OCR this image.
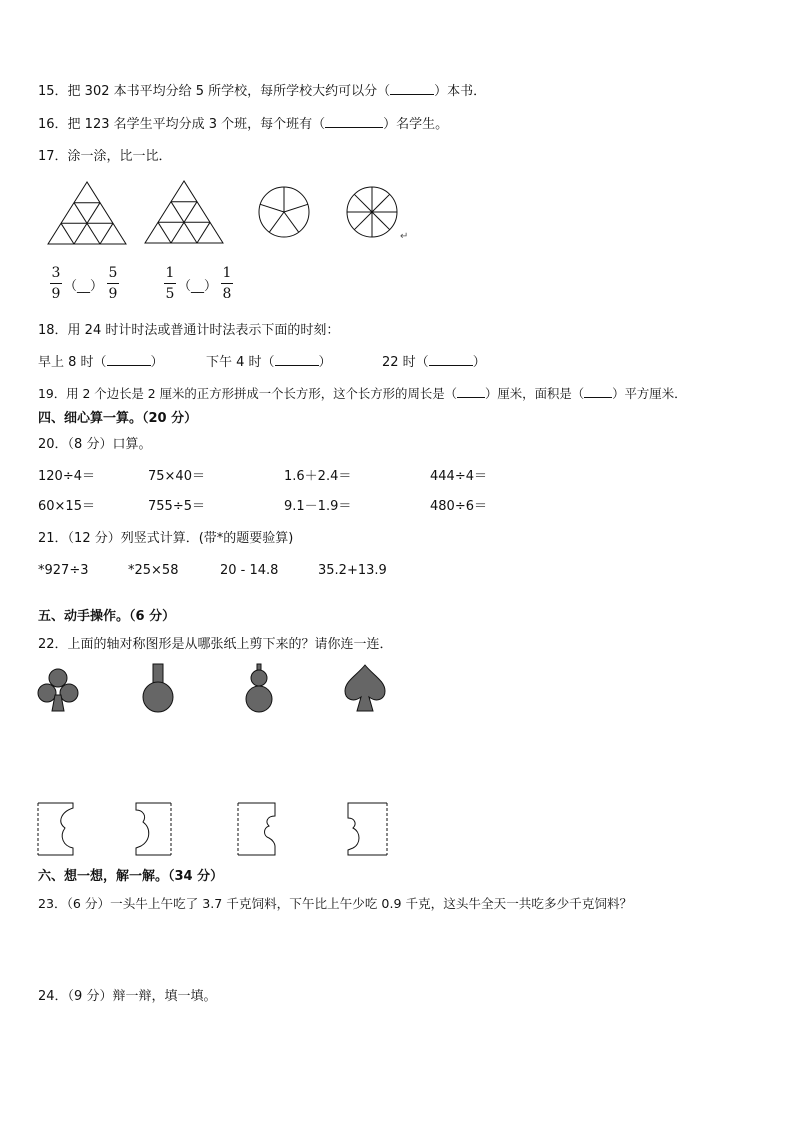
15．把 302 本书平均分给 5 所学校，每所学校大约可以分（	）本书．
16．把 123 名学生平均分成 3 个班，每个班有（	）名学生。
17．涂一涂，比一比．
↵
3
9 （__）
5
9
1
5 （__）
1
8
18．用 24 时计时法或普通计时法表示下面的时刻：
早上 8 时（	）	下午 4 时（	）	22 时（	）
19．用 2 个边长是 2 厘米的正方形拼成一个长方形，这个长方形的周长是（ ）厘米，面积是（ ）平方厘米．
四、细心算一算。（20 分）
20．（8 分）口算。
120÷4＝	75×40＝	1.6＋2.4＝	444÷4＝
60×15＝	755÷5＝	9.1－1.9＝	480÷6＝
21．（12 分）列竖式计算．(带*的题要验算)
*927÷3	*25×58	20 - 14.8	35.2+13.9
五、动手操作。（6 分）
22．上面的轴对称图形是从哪张纸上剪下来的？请你连一连．
六、想一想，解一解。（34 分）
23．（6 分）一头牛上午吃了 3.7 千克饲料，下午比上午少吃 0.9 千克，这头牛全天一共吃多少千克饲料？
24．（9 分）辩一辩，填一填。
